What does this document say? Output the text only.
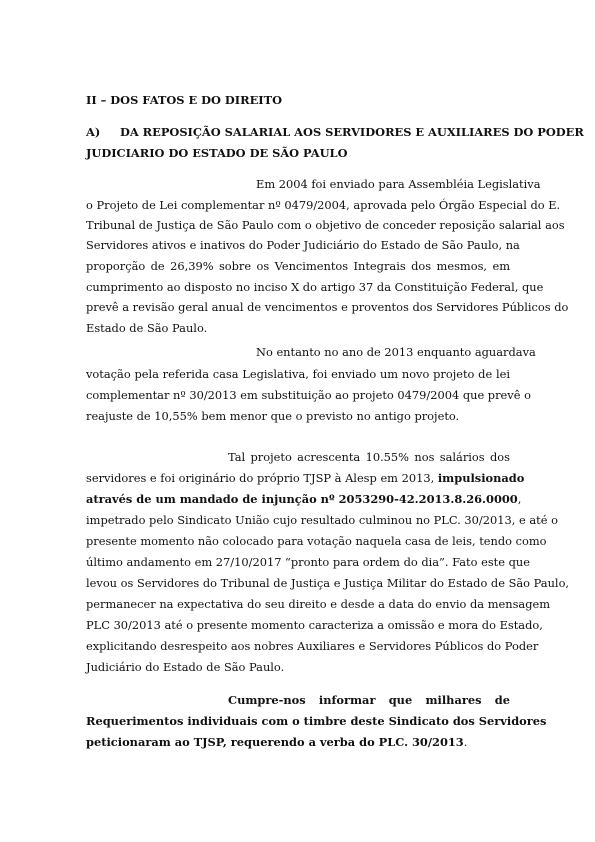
II – DOS FATOS E DO DIREITO
A) DA REPOSIÇÃO SALARIAL AOS SERVIDORES E AUXILIARES DO PODER
JUDICIARIO DO ESTADO DE SÃO PAULO
Em 2004 foi enviado para Assembléia Legislativa
o Projeto de Lei complementar nº 0479/2004, aprovada pelo Órgão Especial do E.
Tribunal de Justiça de São Paulo com o objetivo de conceder reposição salarial aos
Servidores ativos e inativos do Poder Judiciário do Estado de São Paulo, na
proporção de 26,39% sobre os Vencimentos Integrais dos mesmos, em
cumprimento ao disposto no inciso X do artigo 37 da Constituição Federal, que
prevê a revisão geral anual de vencimentos e proventos dos Servidores Públicos do
Estado de São Paulo.
No entanto no ano de 2013 enquanto aguardava
votação pela referida casa Legislativa, foi enviado um novo projeto de lei
complementar nº 30/2013 em substituição ao projeto 0479/2004 que prevê o
reajuste de 10,55% bem menor que o previsto no antigo projeto.
Tal projeto acrescenta 10.55% nos salários dos
servidores e foi originário do próprio TJSP à Alesp em 2013, impulsionado
através de um mandado de injunção nº 2053290-42.2013.8.26.0000,
impetrado pelo Sindicato União cujo resultado culminou no PLC. 30/2013, e até o
presente momento não colocado para votação naquela casa de leis, tendo como
último andamento em 27/10/2017 “pronto para ordem do dia”. Fato este que
levou os Servidores do Tribunal de Justiça e Justiça Militar do Estado de São Paulo,
permanecer na expectativa do seu direito e desde a data do envio da mensagem
PLC 30/2013 até o presente momento caracteriza a omissão e mora do Estado,
explicitando desrespeito aos nobres Auxiliares e Servidores Públicos do Poder
Judiciário do Estado de São Paulo.
Cumpre-nos informar que milhares de
Requerimentos individuais com o timbre deste Sindicato dos Servidores
peticionaram ao TJSP, requerendo a verba do PLC. 30/2013.
